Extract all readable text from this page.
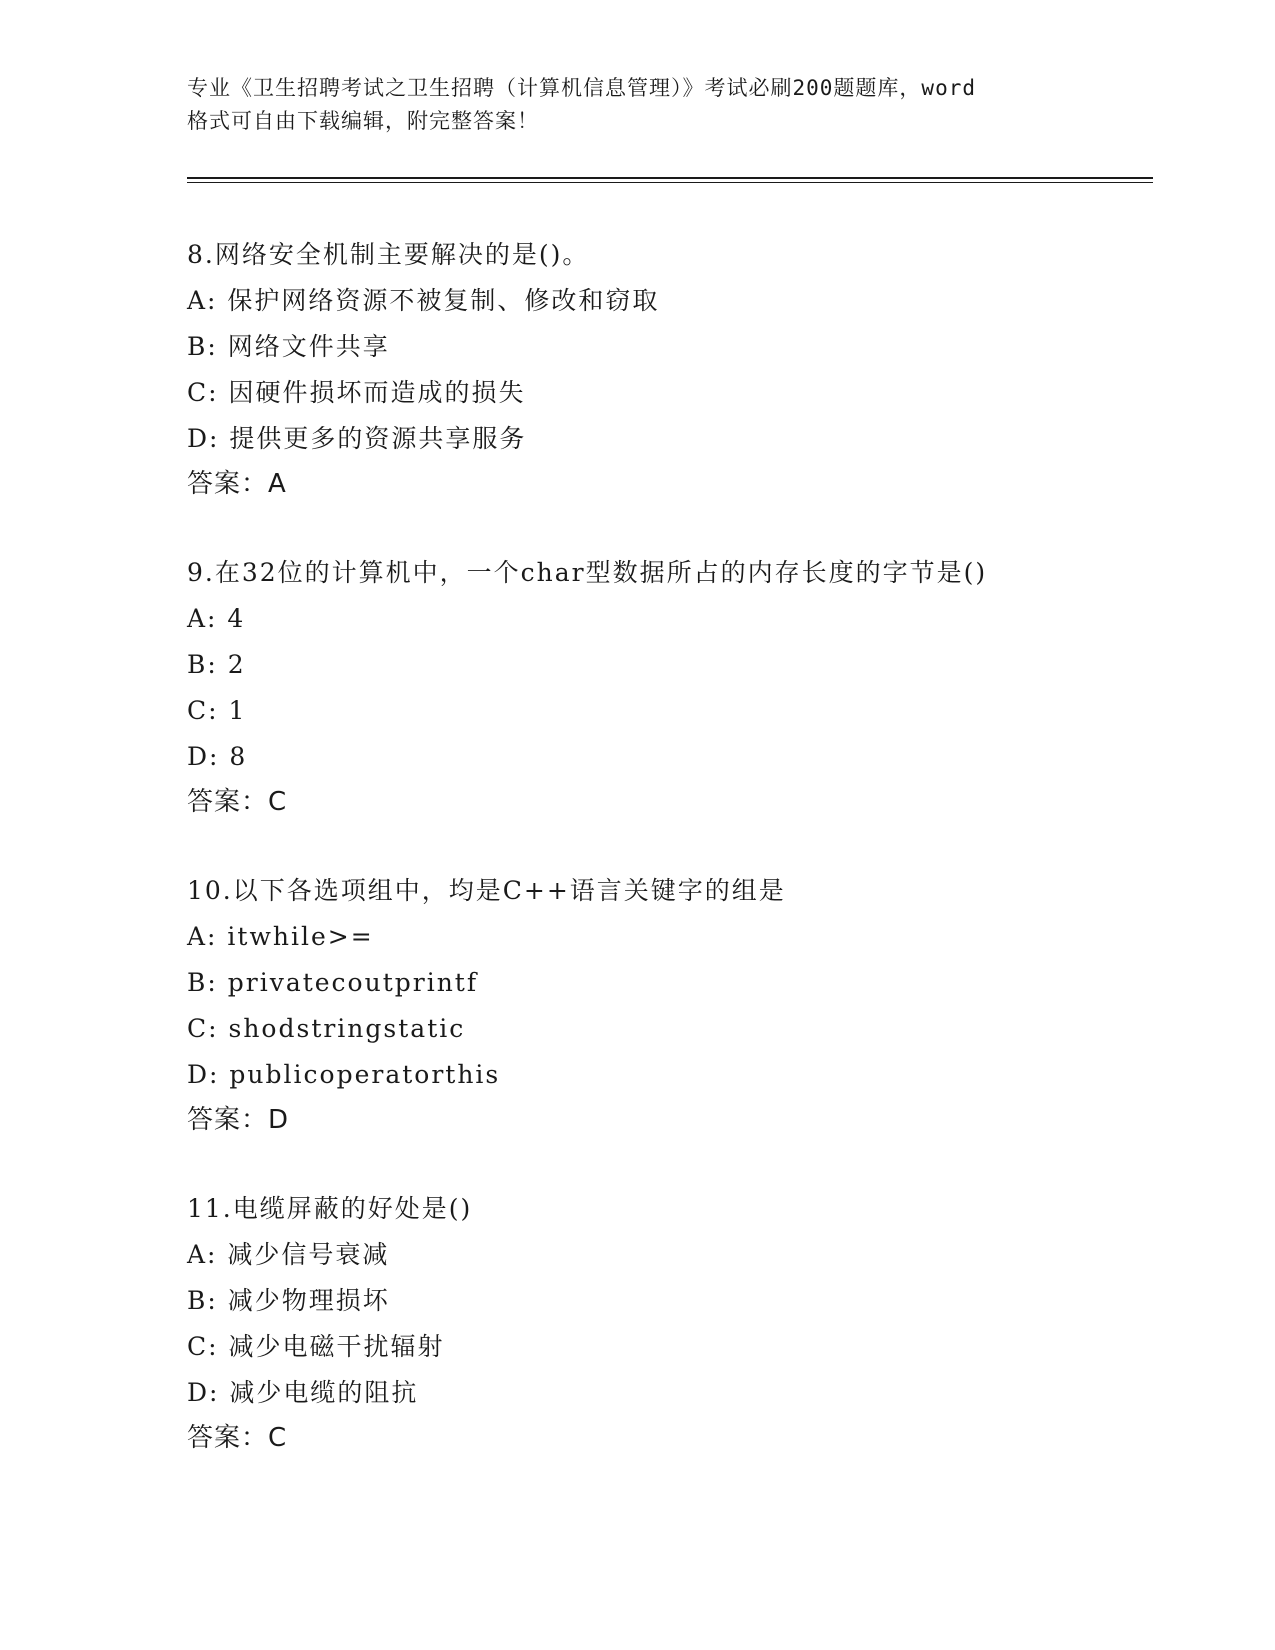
专业《卫生招聘考试之卫生招聘（计算机信息管理）》考试必刷200题题库，word
格式可自由下载编辑，附完整答案！
8.网络安全机制主要解决的是()。
A: 保护网络资源不被复制、修改和窃取
B: 网络文件共享
C: 因硬件损坏而造成的损失
D: 提供更多的资源共享服务
答案：A
9.在32位的计算机中，一个char型数据所占的内存长度的字节是()
A: 4
B: 2
C: 1
D: 8
答案：C
10.以下各选项组中，均是C++语言关键字的组是
A: itwhile>=
B: privatecoutprintf
C: shodstringstatic
D: publicoperatorthis
答案：D
11.电缆屏蔽的好处是()
A: 减少信号衰减
B: 减少物理损坏
C: 减少电磁干扰辐射
D: 减少电缆的阻抗
答案：C
